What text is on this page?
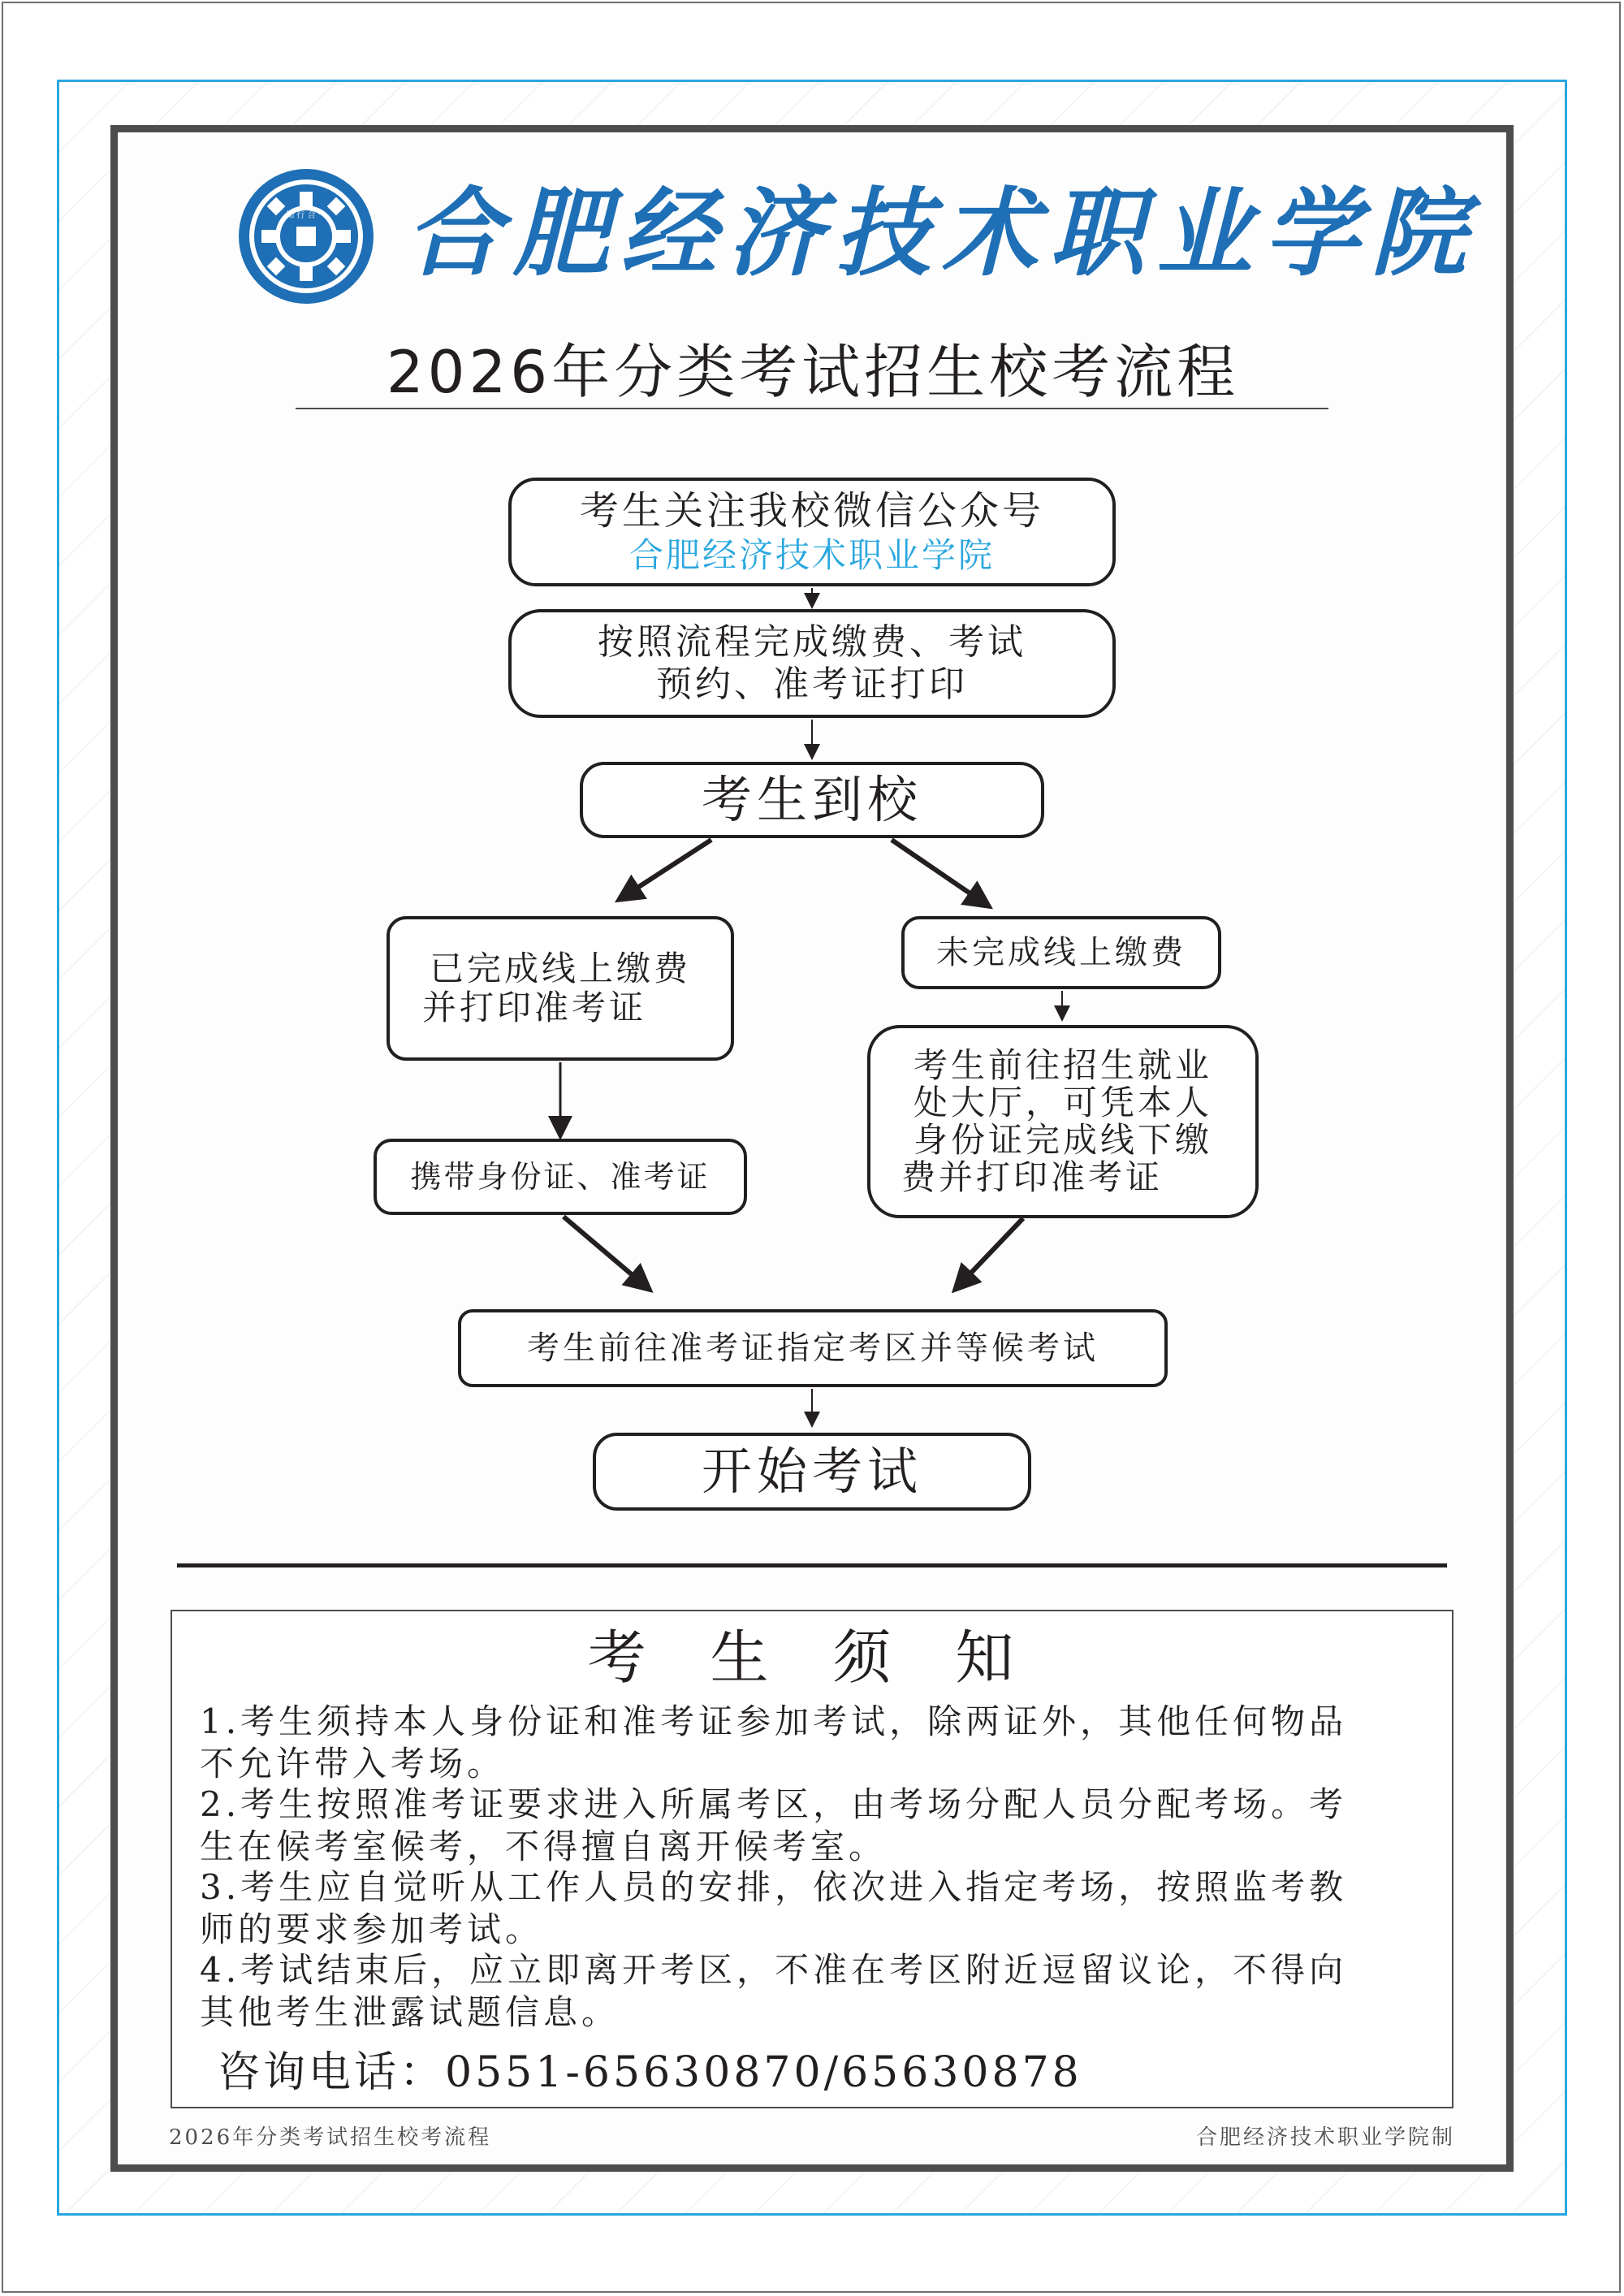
知 行 合 一 合肥经济技术职业学院
2026年分类考试招生校考流程
考生关注我校微信公众号
合肥经济技术职业学院
按照流程完成缴费、考试
预约、准考证打印
考生到校
已完成线上缴费
并打印准考证
携带身份证、准考证
未完成线上缴费
考生前往招生就业
处大厅，可凭本人
身份证完成线下缴
费并打印准考证
考生前往准考证指定考区并等候考试
开始考试
考 生 须 知
1.考生须持本人身份证和准考证参加考试，除两证外，其他任何物品
不允许带入考场。
2.考生按照准考证要求进入所属考区，由考场分配人员分配考场。考
生在候考室候考，不得擅自离开候考室。
3.考生应自觉听从工作人员的安排，依次进入指定考场，按照监考教
师的要求参加考试。
4.考试结束后，应立即离开考区，不准在考区附近逗留议论，不得向
其他考生泄露试题信息。
咨询电话：0551-65630870/65630878
2026年分类考试招生校考流程	合肥经济技术职业学院制
